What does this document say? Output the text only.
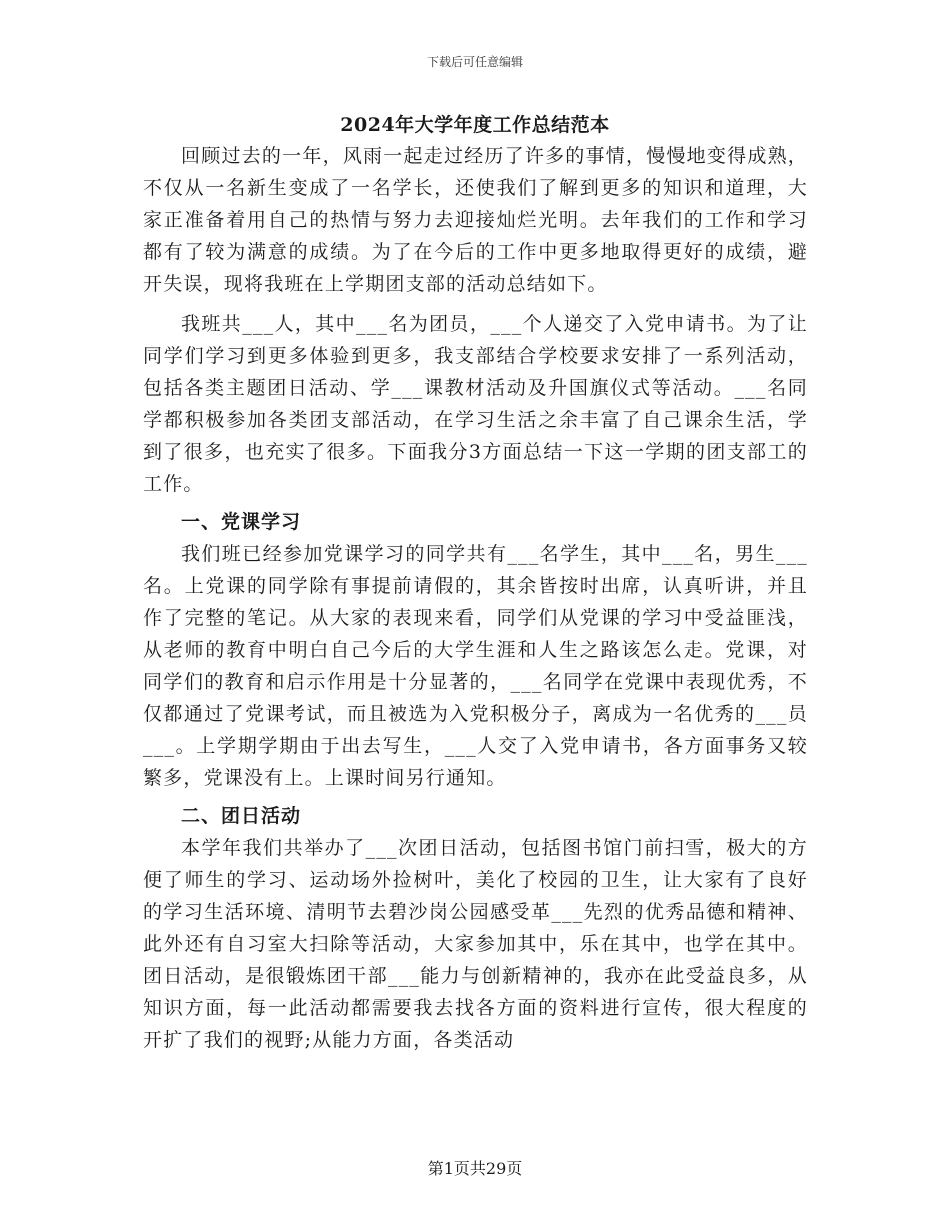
下载后可任意编辑
2024年大学年度工作总结范本

回顾过去的一年，风雨一起走过经历了许多的事情，慢慢地变得成熟，不仅从一名新生变成了一名学长，还使我们了解到更多的知识和道理，大家正准备着用自己的热情与努力去迎接灿烂光明。去年我们的工作和学习都有了较为满意的成绩。为了在今后的工作中更多地取得更好的成绩，避开失误，现将我班在上学期团支部的活动总结如下。

我班共___人，其中___名为团员，___个人递交了入党申请书。为了让同学们学习到更多体验到更多，我支部结合学校要求安排了一系列活动，包括各类主题团日活动、学___课教材活动及升国旗仪式等活动。___名同学都积极参加各类团支部活动，在学习生活之余丰富了自己课余生活，学到了很多，也充实了很多。下面我分3方面总结一下这一学期的团支部工的工作。

一、党课学习

我们班已经参加党课学习的同学共有___名学生，其中___名，男生___名。上党课的同学除有事提前请假的，其余皆按时出席，认真听讲，并且作了完整的笔记。从大家的表现来看，同学们从党课的学习中受益匪浅，从老师的教育中明白自己今后的大学生涯和人生之路该怎么走。党课，对同学们的教育和启示作用是十分显著的，___名同学在党课中表现优秀，不仅都通过了党课考试，而且被选为入党积极分子，离成为一名优秀的___员___。上学期学期由于出去写生，___人交了入党申请书，各方面事务又较繁多，党课没有上。上课时间另行通知。

二、团日活动

本学年我们共举办了___次团日活动，包括图书馆门前扫雪，极大的方便了师生的学习、运动场外捡树叶，美化了校园的卫生，让大家有了良好的学习生活环境、清明节去碧沙岗公园感受革___先烈的优秀品德和精神、此外还有自习室大扫除等活动，大家参加其中，乐在其中，也学在其中。团日活动，是很锻炼团干部___能力与创新精神的，我亦在此受益良多，从知识方面，每一此活动都需要我去找各方面的资料进行宣传，很大程度的开扩了我们的视野;从能力方面，各类活动

第1页共29页
